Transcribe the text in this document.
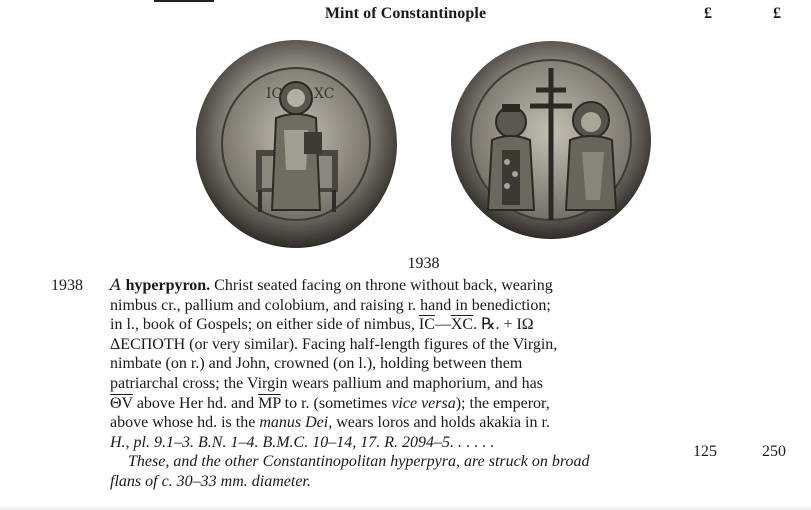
Mint of Constantinople	£	£
IC XC
1938
1938 𝐴 hyperpyron. Christ seated facing on throne without back, wearing
nimbus cr., pallium and colobium, and raising r. hand in benediction;
in l., book of Gospels; on either side of nimbus, $\overline{IC}—\overline{XC}$. ℞. + ΙΩ
ΔΕCΠΟΤΗ (or very similar). Facing half-length figures of the Virgin,
nimbate (on r.) and John, crowned (on l.), holding between them
patriarchal cross; the Virgin wears pallium and maphorium, and has
$\overline{\Theta V}$ above Her hd. and $\overline{MP}$ to r. (sometimes vice versa); the emperor,
above whose hd. is the manus Dei, wears loros and holds akakia in r.
H., pl. 9.1–3. B.N. 1–4. B.M.C. 10–14, 17. R. 2094–5. . . . . .
These, and the other Constantinopolitan hyperpyra, are struck on broad
flans of c. 30–33 mm. diameter.
125	250
